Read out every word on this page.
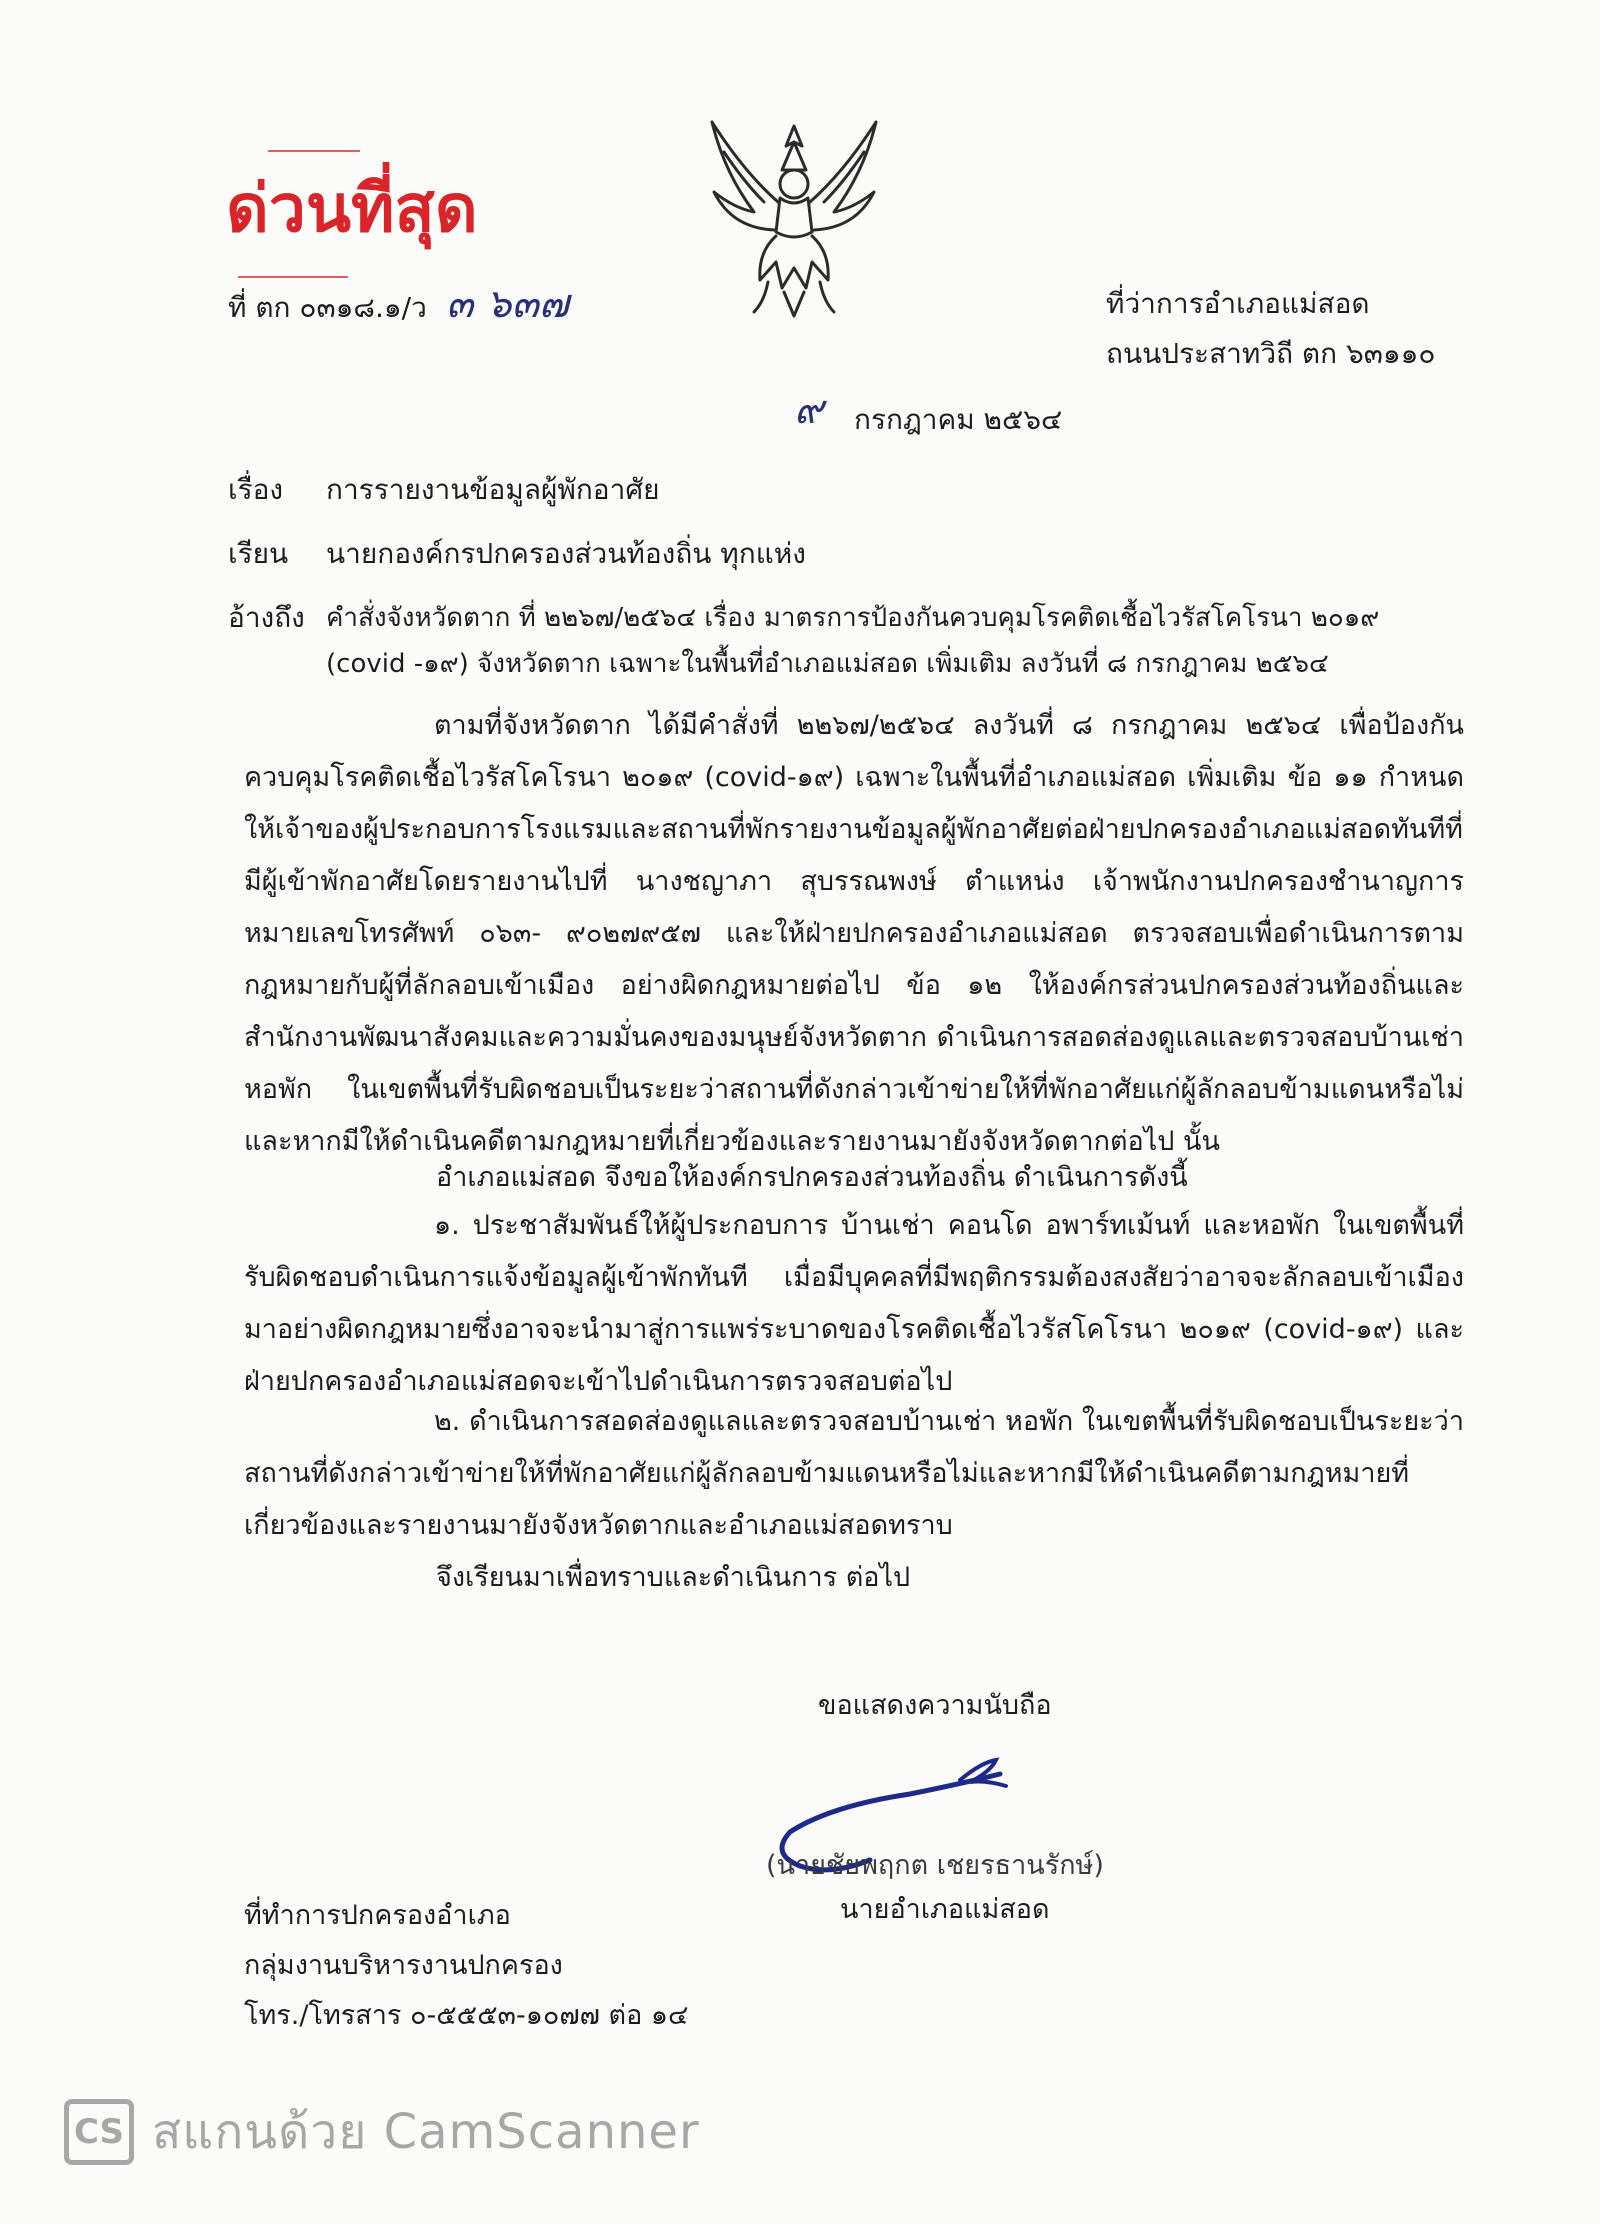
ด่วนที่สุด
ที่ ตก ๐๓๑๘.๑/ว ๓ ๖๓๗	ที่ว่าการอำเภอแม่สอด
ถนนประสาทวิถี ตก ๖๓๑๑๐
๙ กรกฎาคม ๒๕๖๔
เรื่อง การรายงานข้อมูลผู้พักอาศัย
เรียน นายกองค์กรปกครองส่วนท้องถิ่น ทุกแห่ง
อ้างถึง คำสั่งจังหวัดตาก ที่ ๒๒๖๗/๒๕๖๔ เรื่อง มาตรการป้องกันควบคุมโรคติดเชื้อไวรัสโคโรนา ๒๐๑๙
(covid -๑๙) จังหวัดตาก เฉพาะในพื้นที่อำเภอแม่สอด เพิ่มเติม ลงวันที่ ๘ กรกฎาคม ๒๕๖๔

ตามที่จังหวัดตาก ได้มีคำสั่งที่ ๒๒๖๗/๒๕๖๔ ลงวันที่ ๘ กรกฎาคม ๒๕๖๔ เพื่อป้องกันควบคุมโรคติดเชื้อไวรัสโคโรนา ๒๐๑๙ (covid-๑๙) เฉพาะในพื้นที่อำเภอแม่สอด เพิ่มเติม ข้อ ๑๑ กำหนดให้เจ้าของผู้ประกอบการโรงแรมและสถานที่พักรายงานข้อมูลผู้พักอาศัยต่อฝ่ายปกครองอำเภอแม่สอดทันทีที่มีผู้เข้าพักอาศัยโดยรายงานไปที่ นางชญาภา สุบรรณพงษ์ ตำแหน่ง เจ้าพนักงานปกครองชำนาญการ หมายเลขโทรศัพท์ ๐๖๓- ๙๐๒๗๙๕๗ และให้ฝ่ายปกครองอำเภอแม่สอด ตรวจสอบเพื่อดำเนินการตามกฎหมายกับผู้ที่ลักลอบเข้าเมือง อย่างผิดกฎหมายต่อไป ข้อ ๑๒ ให้องค์กรส่วนปกครองส่วนท้องถิ่นและสำนักงานพัฒนาสังคมและความมั่นคงของมนุษย์จังหวัดตาก ดำเนินการสอดส่องดูแลและตรวจสอบบ้านเช่า หอพัก ในเขตพื้นที่รับผิดชอบเป็นระยะว่าสถานที่ดังกล่าวเข้าข่ายให้ที่พักอาศัยแก่ผู้ลักลอบข้ามแดนหรือไม่และหากมีให้ดำเนินคดีตามกฎหมายที่เกี่ยวข้องและรายงานมายังจังหวัดตากต่อไป นั้น

อำเภอแม่สอด จึงขอให้องค์กรปกครองส่วนท้องถิ่น ดำเนินการดังนี้

๑. ประชาสัมพันธ์ให้ผู้ประกอบการ บ้านเช่า คอนโด อพาร์ทเม้นท์ และหอพัก ในเขตพื้นที่รับผิดชอบดำเนินการแจ้งข้อมูลผู้เข้าพักทันที เมื่อมีบุคคลที่มีพฤติกรรมต้องสงสัยว่าอาจจะลักลอบเข้าเมืองมาอย่างผิดกฎหมายซึ่งอาจจะนำมาสู่การแพร่ระบาดของโรคติดเชื้อไวรัสโคโรนา ๒๐๑๙ (covid-๑๙) และฝ่ายปกครองอำเภอแม่สอดจะเข้าไปดำเนินการตรวจสอบต่อไป

๒. ดำเนินการสอดส่องดูแลและตรวจสอบบ้านเช่า หอพัก ในเขตพื้นที่รับผิดชอบเป็นระยะว่าสถานที่ดังกล่าวเข้าข่ายให้ที่พักอาศัยแก่ผู้ลักลอบข้ามแดนหรือไม่และหากมีให้ดำเนินคดีตามกฎหมายที่เกี่ยวข้องและรายงานมายังจังหวัดตากและอำเภอแม่สอดทราบ

จึงเรียนมาเพื่อทราบและดำเนินการ ต่อไป
ขอแสดงความนับถือ
(นายชัยพฤกต เชยรธานรักษ์)
นายอำเภอแม่สอด
ที่ทำการปกครองอำเภอ
กลุ่มงานบริหารงานปกครอง
โทร./โทรสาร ๐-๕๕๕๓-๑๐๗๗ ต่อ ๑๔
CS สแกนด้วย CamScanner
